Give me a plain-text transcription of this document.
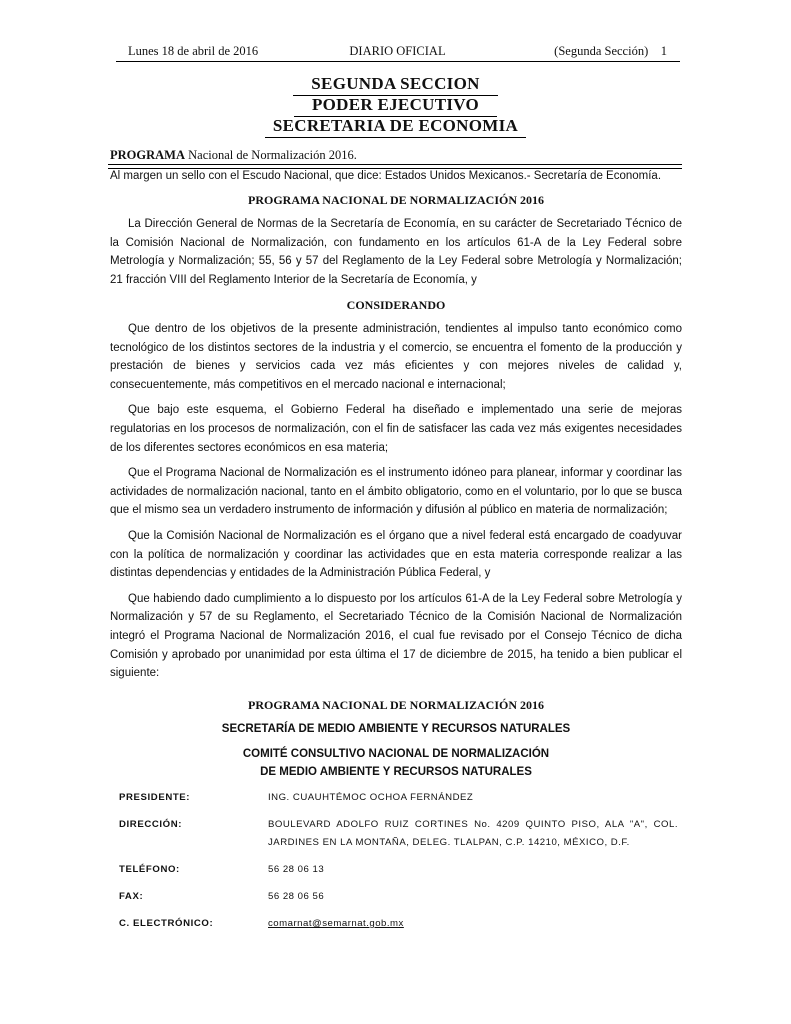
Lunes 18 de abril de 2016	DIARIO OFICIAL	(Segunda Sección) 1
SEGUNDA SECCION
PODER EJECUTIVO
SECRETARIA DE ECONOMIA
PROGRAMA Nacional de Normalización 2016.
Al margen un sello con el Escudo Nacional, que dice: Estados Unidos Mexicanos.- Secretaría de Economía.
PROGRAMA NACIONAL DE NORMALIZACIÓN 2016

La Dirección General de Normas de la Secretaría de Economía, en su carácter de Secretariado Técnico de la Comisión Nacional de Normalización, con fundamento en los artículos 61-A de la Ley Federal sobre Metrología y Normalización; 55, 56 y 57 del Reglamento de la Ley Federal sobre Metrología y Normalización; 21 fracción VIII del Reglamento Interior de la Secretaría de Economía, y

CONSIDERANDO

Que dentro de los objetivos de la presente administración, tendientes al impulso tanto económico como tecnológico de los distintos sectores de la industria y el comercio, se encuentra el fomento de la producción y prestación de bienes y servicios cada vez más eficientes y con mejores niveles de calidad y, consecuentemente, más competitivos en el mercado nacional e internacional;

Que bajo este esquema, el Gobierno Federal ha diseñado e implementado una serie de mejoras regulatorias en los procesos de normalización, con el fin de satisfacer las cada vez más exigentes necesidades de los diferentes sectores económicos en esa materia;

Que el Programa Nacional de Normalización es el instrumento idóneo para planear, informar y coordinar las actividades de normalización nacional, tanto en el ámbito obligatorio, como en el voluntario, por lo que se busca que el mismo sea un verdadero instrumento de información y difusión al público en materia de normalización;

Que la Comisión Nacional de Normalización es el órgano que a nivel federal está encargado de coadyuvar con la política de normalización y coordinar las actividades que en esta materia corresponde realizar a las distintas dependencias y entidades de la Administración Pública Federal, y

Que habiendo dado cumplimiento a lo dispuesto por los artículos 61-A de la Ley Federal sobre Metrología y Normalización y 57 de su Reglamento, el Secretariado Técnico de la Comisión Nacional de Normalización integró el Programa Nacional de Normalización 2016, el cual fue revisado por el Consejo Técnico de dicha Comisión y aprobado por unanimidad por esta última el 17 de diciembre de 2015, ha tenido a bien publicar el siguiente:

PROGRAMA NACIONAL DE NORMALIZACIÓN 2016
SECRETARÍA DE MEDIO AMBIENTE Y RECURSOS NATURALES
COMITÉ CONSULTIVO NACIONAL DE NORMALIZACIÓN
DE MEDIO AMBIENTE Y RECURSOS NATURALES
PRESIDENTE:	ING. CUAUHTÉMOC OCHOA FERNÁNDEZ
DIRECCIÓN:	BOULEVARD ADOLFO RUIZ CORTINES No. 4209 QUINTO PISO, ALA "A", COL. JARDINES EN LA MONTAÑA, DELEG. TLALPAN, C.P. 14210, MÉXICO, D.F.
TELÉFONO:	56 28 06 13
FAX:	56 28 06 56
C. ELECTRÓNICO:	comarnat@semarnat.gob.mx
